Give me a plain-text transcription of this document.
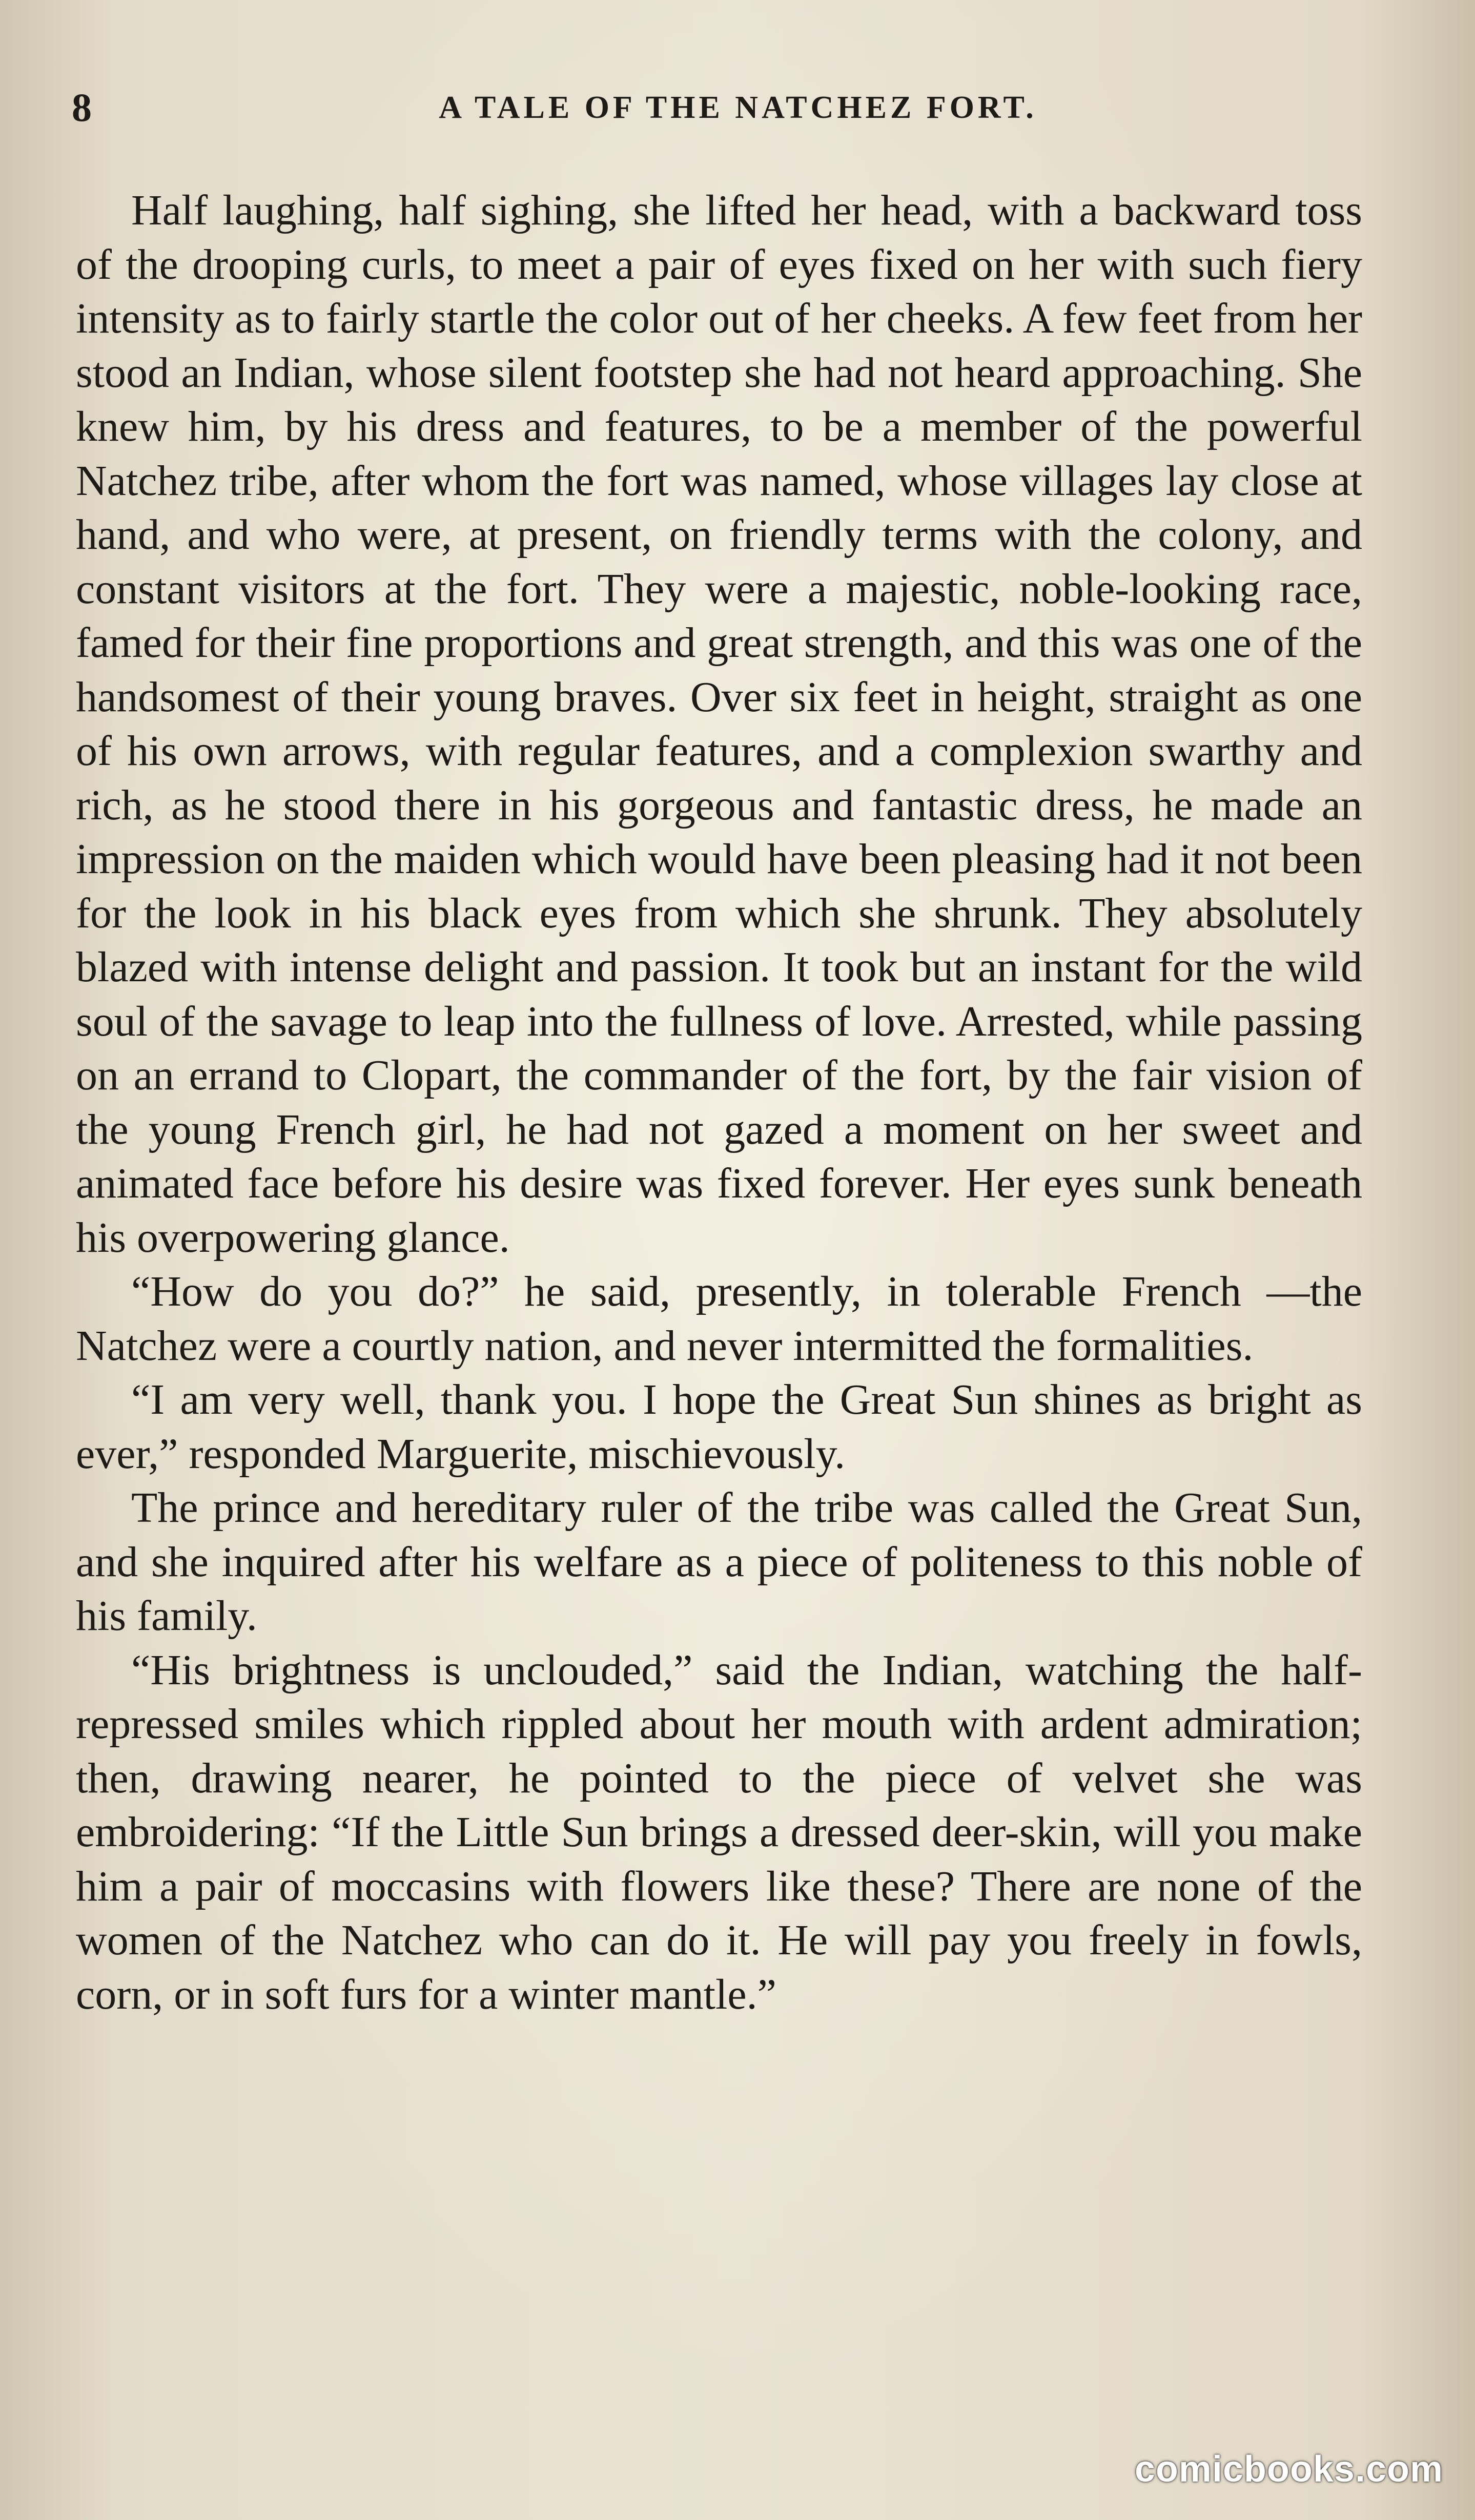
8	A TALE OF THE NATCHEZ FORT.

Half laughing, half sighing, she lifted her head, with a backward toss of the drooping curls, to meet a pair of eyes fixed on her with such fiery intensity as to fairly startle the color out of her cheeks. A few feet from her stood an Indian, whose silent footstep she had not heard approaching. She knew him, by his dress and features, to be a member of the powerful Natchez tribe, after whom the fort was named, whose villages lay close at hand, and who were, at present, on friendly terms with the colony, and constant visitors at the fort. They were a majestic, noble-looking race, famed for their fine proportions and great strength, and this was one of the handsomest of their young braves. Over six feet in height, straight as one of his own arrows, with regular features, and a complexion swarthy and rich, as he stood there in his gorgeous and fantastic dress, he made an impression on the maiden which would have been pleasing had it not been for the look in his black eyes from which she shrunk. They absolutely blazed with intense delight and passion. It took but an instant for the wild soul of the savage to leap into the fullness of love. Arrested, while passing on an errand to Clopart, the commander of the fort, by the fair vision of the young French girl, he had not gazed a moment on her sweet and animated face before his desire was fixed forever. Her eyes sunk beneath his overpowering glance.

“How do you do?” he said, presently, in tolerable French —the Natchez were a courtly nation, and never intermitted the formalities.

“I am very well, thank you. I hope the Great Sun shines as bright as ever,” responded Marguerite, mischievously.

The prince and hereditary ruler of the tribe was called the Great Sun, and she inquired after his welfare as a piece of politeness to this noble of his family.

“His brightness is unclouded,” said the Indian, watching the half-repressed smiles which rippled about her mouth with ardent admiration; then, drawing nearer, he pointed to the piece of velvet she was embroidering: “If the Little Sun brings a dressed deer-skin, will you make him a pair of moccasins with flowers like these? There are none of the women of the Natchez who can do it. He will pay you freely in fowls, corn, or in soft furs for a winter mantle.”

comicbooks.com
